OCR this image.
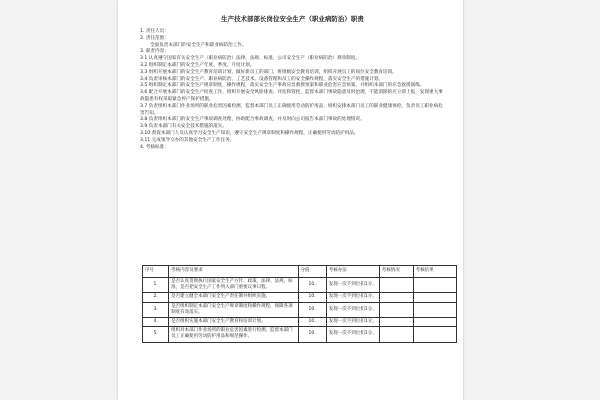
生产技术部部长岗位安全生产（职业病防治）职责
1. 责任人员：
2. 责任范围：
全面负责本部门的安全生产和职业病防治工作。
3. 职责内容：
3.1 认真遵守国家有关安全生产（职业病防治）法律、法规、标准，公司安全生产（职业病防治）规章制度。
3.2 组织制定本部门的安全生产年度、季度、月度计划。
3.3 组织开展本部门的安全生产教育培训计划，做好新员工的部门、班组级安全教育培训，组织开展员工的岗位安全教育培训。
3.4 负责审核本部门的安全生产、职业病防治、工艺技术、设备管理和员工的安全操作规程，落实安全生产的措施计划。
3.5 组织制定本部门的安全生产规章制度，操作规程，落实安全生产事故应急救援预案和职业危害应急预案，并组织本部门的应急救援演练。
3.6 配合开展本部门的安全生产检查工作，组织开展安全风险排查、评估和管控，监督本部门事故隐患及时治理，不能消除的应立即上报，发现重大事故隐患有权采取紧急停产保护措施。
3.7 负责组织本部门作业场所的职业危害因素检测，监督本部门员工正确使用劳动防护用品，组织安排本部门员工的职业健康体检，负责员工职业病危害告知。
3.8 负责组织本部门的安全生产事故调查处理，协助配合事故调查，并及时向公司报告本部门事故的处理情况。
3.9 负责本部门有关安全技术措施的落实。
3.10 督促本部门人员认真学习安全生产知识，遵守安全生产规章制度和操作规程，正确使用劳动防护用品。
3.11 完成领导交办的其他安全生产工作任务。
4. 考核标准：
序号	考核内容及要求	分值	考核办法	考核情况	考核结果
1.	是否认真贯彻执行国家安全生产方针、政策、法律、法规、标准，是否把安全生产工作列入部门重要议事日程。	10.	发现一次不到位扣1分。		
2.	是否建立健全本部门安全生产责任制并组织实施。	10.	发现一次不到位扣1分。		
3.	是否组织制定本部门安全生产规章制度和操作规程，保障各项制度有效落实。	10.	发现一次不到位扣1分。		
4.	是否组织实施本部门安全生产教育和培训计划。	10.	发现一次不到位扣1分。		
5.	组织对本部门作业场所的职业危害因素进行检测，监督本部门员工正确使用劳动防护用品和规范操作。	10.	发现一次不到位扣1分。		
